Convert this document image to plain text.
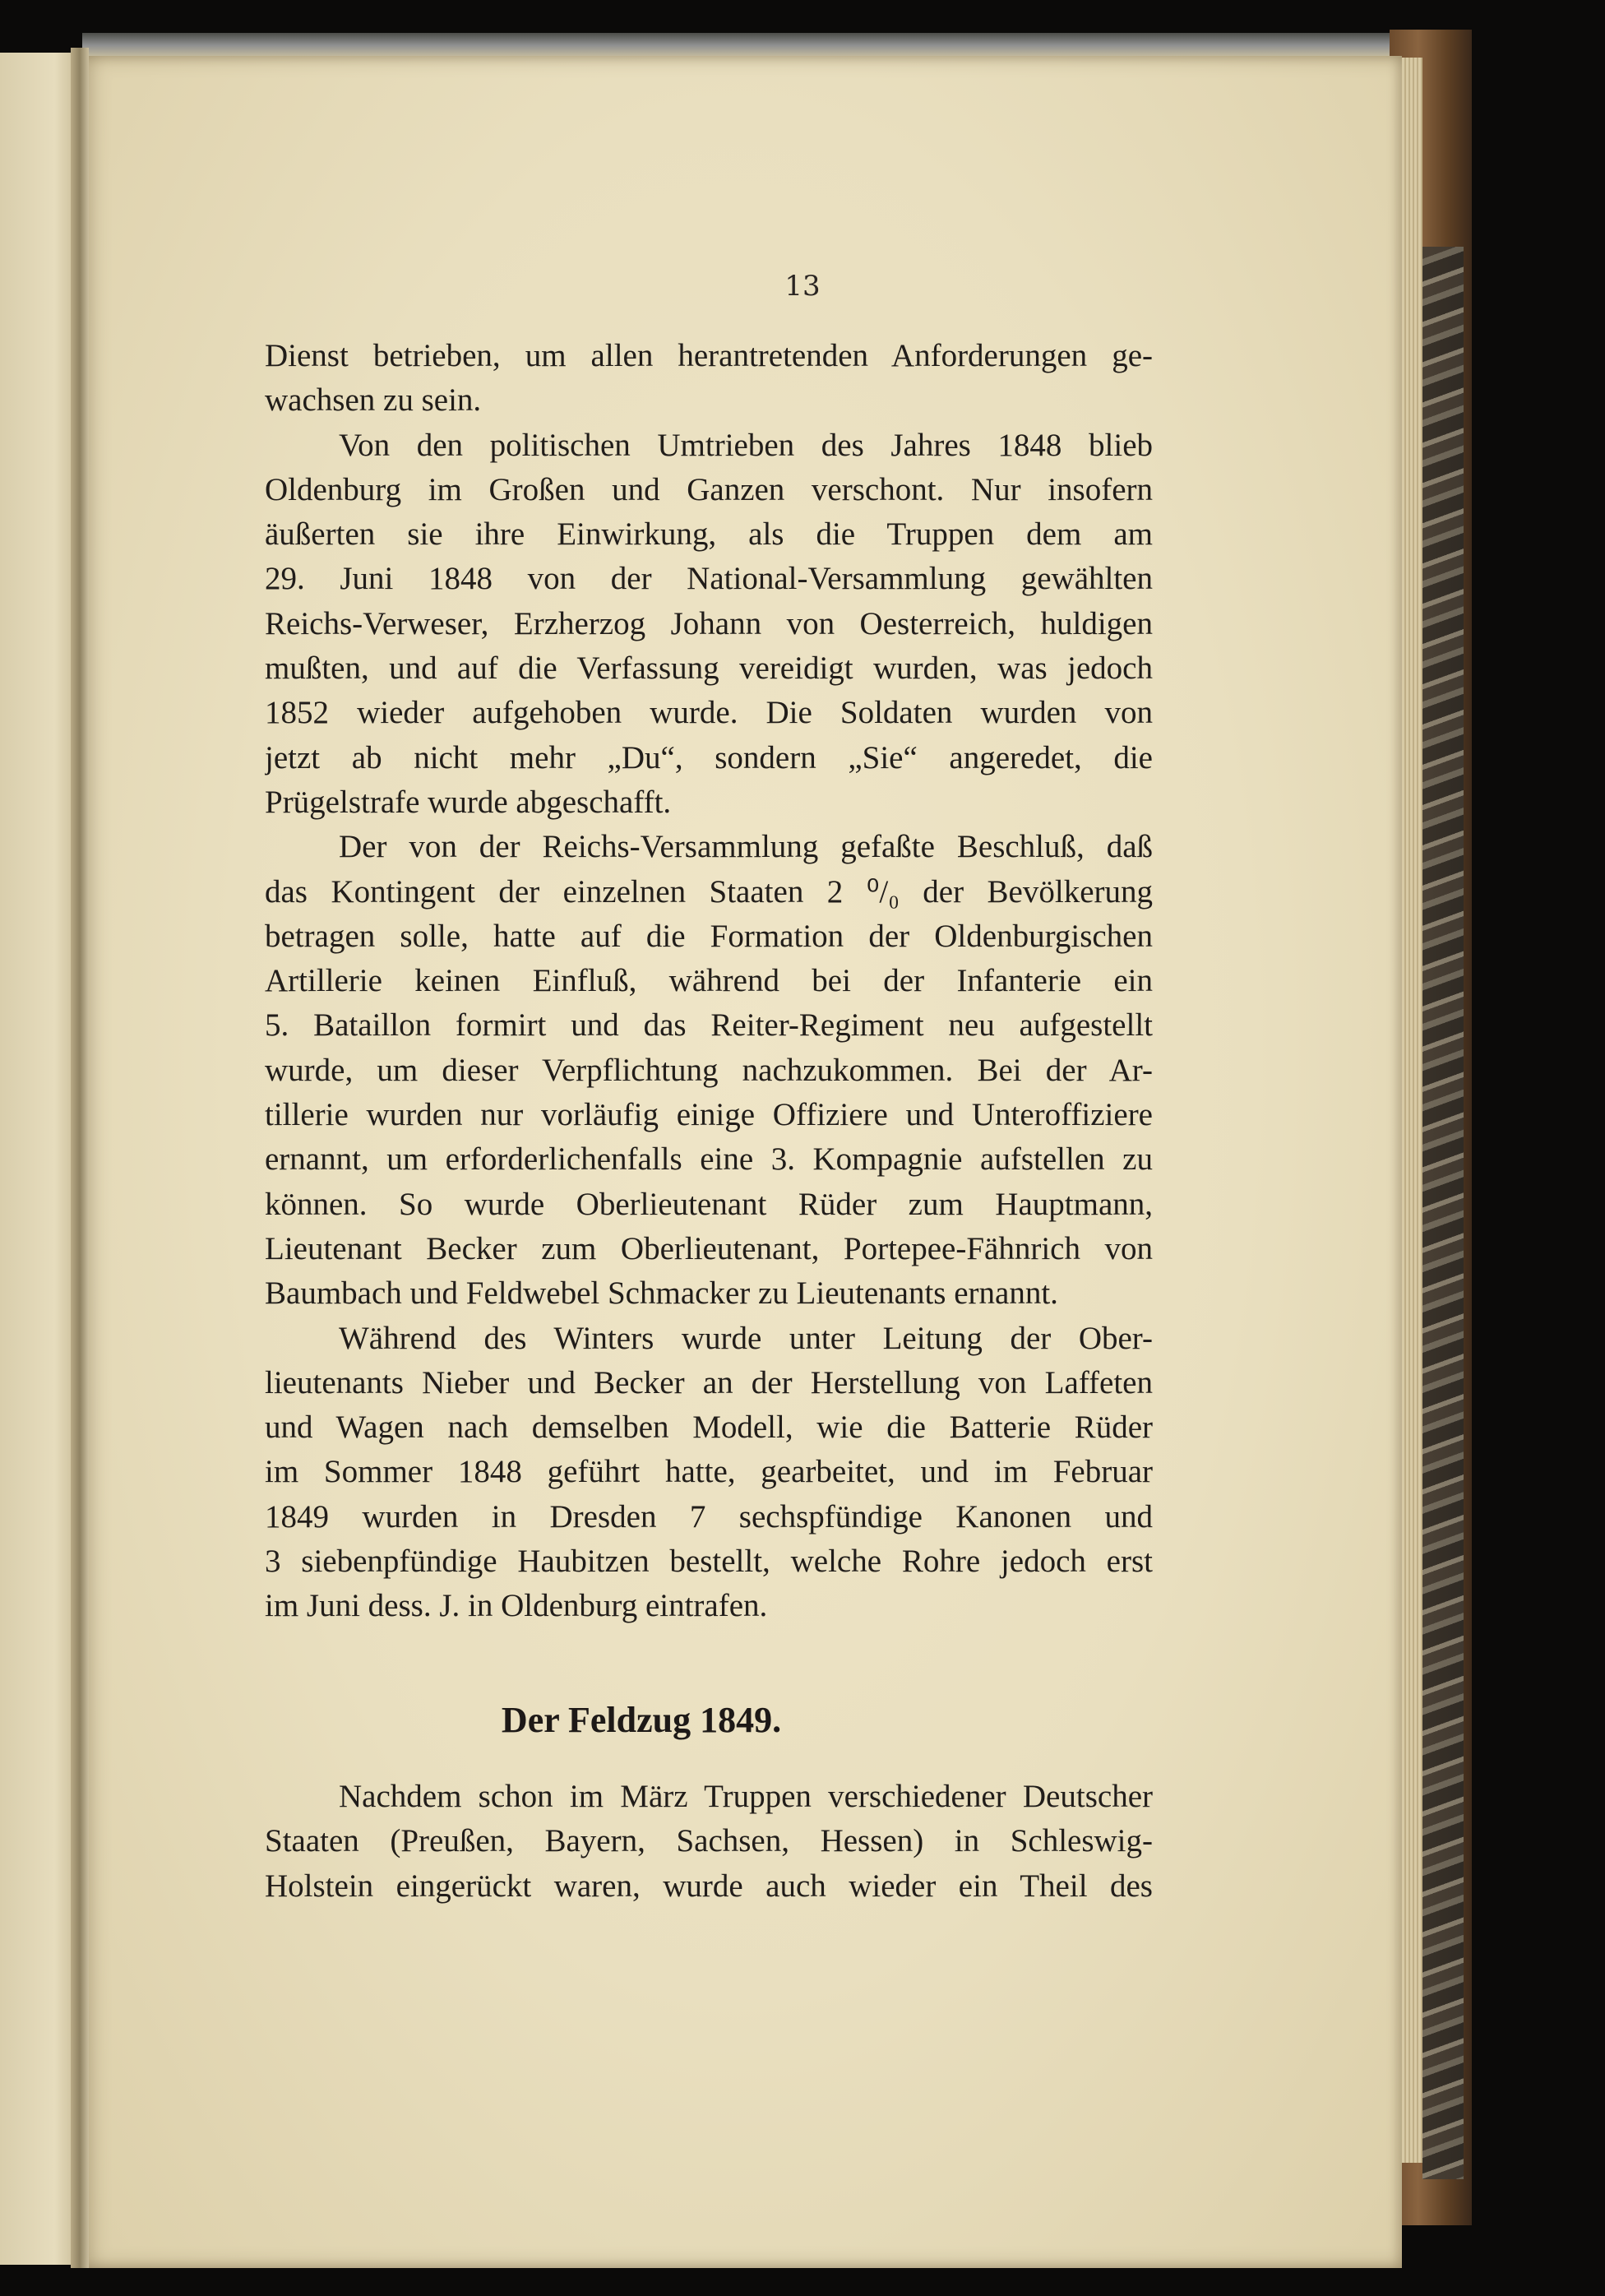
13
Dienst betrieben, um allen herantretenden Anforderungen ge-
wachsen zu sein.
Von den politischen Umtrieben des Jahres 1848 blieb
Oldenburg im Großen und Ganzen verschont. Nur insofern
äußerten sie ihre Einwirkung, als die Truppen dem am
29. Juni 1848 von der National-Versammlung gewählten
Reichs-Verweser, Erzherzog Johann von Oesterreich, huldigen
mußten, und auf die Verfassung vereidigt wurden, was jedoch
1852 wieder aufgehoben wurde. Die Soldaten wurden von
jetzt ab nicht mehr „Du“, sondern „Sie“ angeredet, die
Prügelstrafe wurde abgeschafft.
Der von der Reichs-Versammlung gefaßte Beschluß, daß
das Kontingent der einzelnen Staaten 2 ⁰/₀ der Bevölkerung
betragen solle, hatte auf die Formation der Oldenburgischen
Artillerie keinen Einfluß, während bei der Infanterie ein
5. Bataillon formirt und das Reiter-Regiment neu aufgestellt
wurde, um dieser Verpflichtung nachzukommen. Bei der Ar-
tillerie wurden nur vorläufig einige Offiziere und Unteroffiziere
ernannt, um erforderlichenfalls eine 3. Kompagnie aufstellen zu
können. So wurde Oberlieutenant Rüder zum Hauptmann,
Lieutenant Becker zum Oberlieutenant, Portepee-Fähnrich von
Baumbach und Feldwebel Schmacker zu Lieutenants ernannt.
Während des Winters wurde unter Leitung der Ober-
lieutenants Nieber und Becker an der Herstellung von Laffeten
und Wagen nach demselben Modell, wie die Batterie Rüder
im Sommer 1848 geführt hatte, gearbeitet, und im Februar
1849 wurden in Dresden 7 sechspfündige Kanonen und
3 siebenpfündige Haubitzen bestellt, welche Rohre jedoch erst
im Juni dess. J. in Oldenburg eintrafen.
Der Feldzug 1849.
Nachdem schon im März Truppen verschiedener Deutscher
Staaten (Preußen, Bayern, Sachsen, Hessen) in Schleswig-
Holstein eingerückt waren, wurde auch wieder ein Theil des
